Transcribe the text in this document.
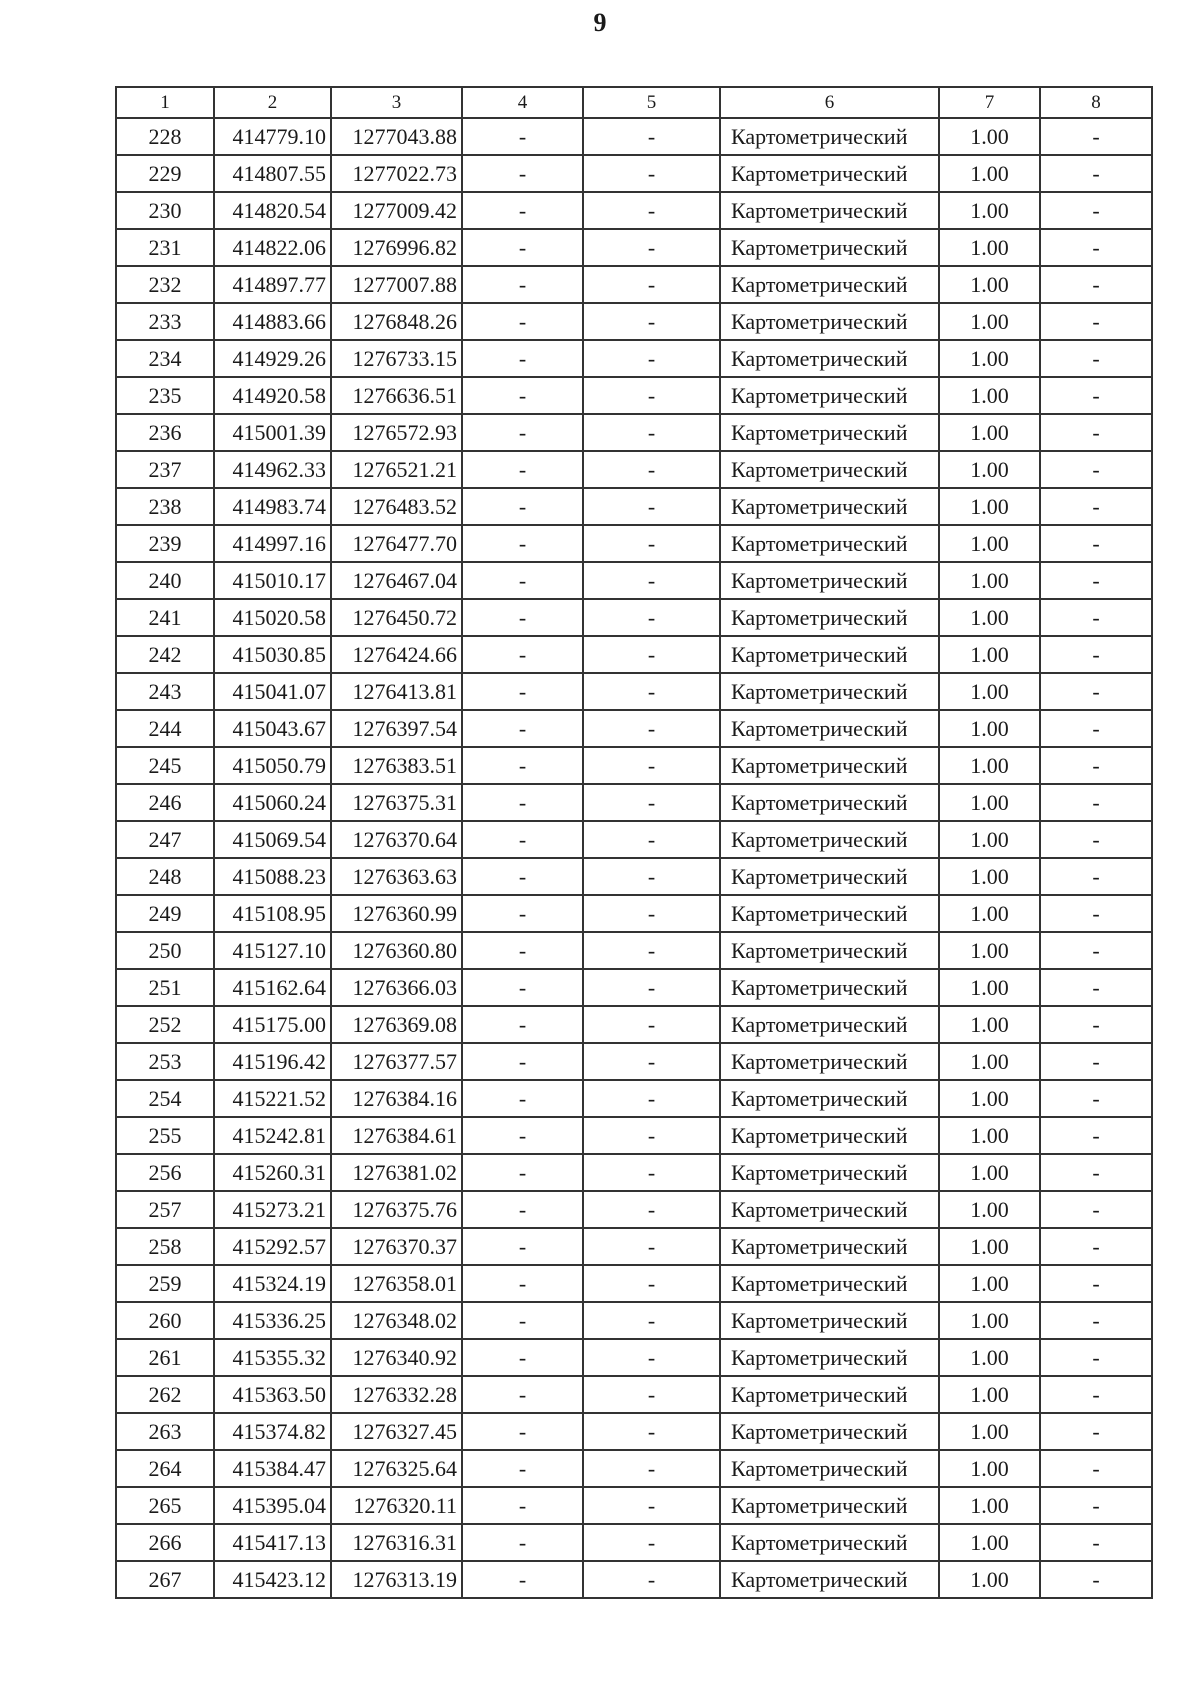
9
1	2	3	4	5	6	7	8
228	414779.10	1277043.88	-	-	Картометрический	1.00	-
229	414807.55	1277022.73	-	-	Картометрический	1.00	-
230	414820.54	1277009.42	-	-	Картометрический	1.00	-
231	414822.06	1276996.82	-	-	Картометрический	1.00	-
232	414897.77	1277007.88	-	-	Картометрический	1.00	-
233	414883.66	1276848.26	-	-	Картометрический	1.00	-
234	414929.26	1276733.15	-	-	Картометрический	1.00	-
235	414920.58	1276636.51	-	-	Картометрический	1.00	-
236	415001.39	1276572.93	-	-	Картометрический	1.00	-
237	414962.33	1276521.21	-	-	Картометрический	1.00	-
238	414983.74	1276483.52	-	-	Картометрический	1.00	-
239	414997.16	1276477.70	-	-	Картометрический	1.00	-
240	415010.17	1276467.04	-	-	Картометрический	1.00	-
241	415020.58	1276450.72	-	-	Картометрический	1.00	-
242	415030.85	1276424.66	-	-	Картометрический	1.00	-
243	415041.07	1276413.81	-	-	Картометрический	1.00	-
244	415043.67	1276397.54	-	-	Картометрический	1.00	-
245	415050.79	1276383.51	-	-	Картометрический	1.00	-
246	415060.24	1276375.31	-	-	Картометрический	1.00	-
247	415069.54	1276370.64	-	-	Картометрический	1.00	-
248	415088.23	1276363.63	-	-	Картометрический	1.00	-
249	415108.95	1276360.99	-	-	Картометрический	1.00	-
250	415127.10	1276360.80	-	-	Картометрический	1.00	-
251	415162.64	1276366.03	-	-	Картометрический	1.00	-
252	415175.00	1276369.08	-	-	Картометрический	1.00	-
253	415196.42	1276377.57	-	-	Картометрический	1.00	-
254	415221.52	1276384.16	-	-	Картометрический	1.00	-
255	415242.81	1276384.61	-	-	Картометрический	1.00	-
256	415260.31	1276381.02	-	-	Картометрический	1.00	-
257	415273.21	1276375.76	-	-	Картометрический	1.00	-
258	415292.57	1276370.37	-	-	Картометрический	1.00	-
259	415324.19	1276358.01	-	-	Картометрический	1.00	-
260	415336.25	1276348.02	-	-	Картометрический	1.00	-
261	415355.32	1276340.92	-	-	Картометрический	1.00	-
262	415363.50	1276332.28	-	-	Картометрический	1.00	-
263	415374.82	1276327.45	-	-	Картометрический	1.00	-
264	415384.47	1276325.64	-	-	Картометрический	1.00	-
265	415395.04	1276320.11	-	-	Картометрический	1.00	-
266	415417.13	1276316.31	-	-	Картометрический	1.00	-
267	415423.12	1276313.19	-	-	Картометрический	1.00	-
